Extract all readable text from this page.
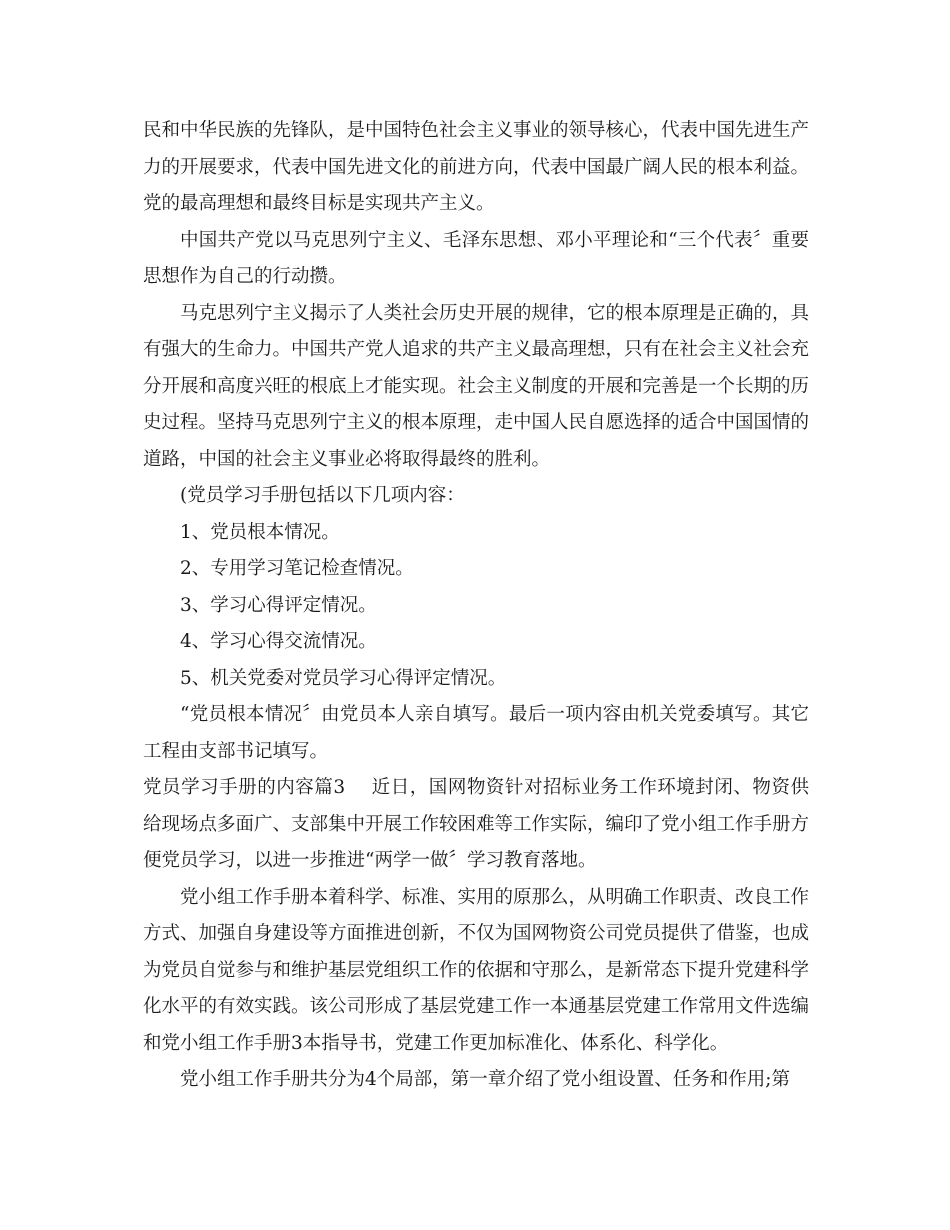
民和中华民族的先锋队，是中国特色社会主义事业的领导核心，代表中国先进生产力的开展要求，代表中国先进文化的前进方向，代表中国最广阔人民的根本利益。党的最高理想和最终目标是实现共产主义。

中国共产党以马克思列宁主义、毛泽东思想、邓小平理论和“三个代表〞重要思想作为自己的行动攒。

马克思列宁主义揭示了人类社会历史开展的规律，它的根本原理是正确的，具有强大的生命力。中国共产党人追求的共产主义最高理想，只有在社会主义社会充分开展和高度兴旺的根底上才能实现。社会主义制度的开展和完善是一个长期的历史过程。坚持马克思列宁主义的根本原理，走中国人民自愿选择的适合中国国情的道路，中国的社会主义事业必将取得最终的胜利。

(党员学习手册包括以下几项内容：

1、党员根本情况。

2、专用学习笔记检查情况。

3、学习心得评定情况。

4、学习心得交流情况。

5、机关党委对党员学习心得评定情况。

“党员根本情况〞由党员本人亲自填写。最后一项内容由机关党委填写。其它工程由支部书记填写。

党员学习手册的内容篇3 近日，国网物资针对招标业务工作环境封闭、物资供给现场点多面广、支部集中开展工作较困难等工作实际，编印了党小组工作手册方便党员学习，以进一步推进“两学一做〞学习教育落地。

党小组工作手册本着科学、标准、实用的原那么，从明确工作职责、改良工作方式、加强自身建设等方面推进创新，不仅为国网物资公司党员提供了借鉴，也成为党员自觉参与和维护基层党组织工作的依据和守那么，是新常态下提升党建科学化水平的有效实践。该公司形成了基层党建工作一本通基层党建工作常用文件选编和党小组工作手册3本指导书，党建工作更加标准化、体系化、科学化。

党小组工作手册共分为4个局部，第一章介绍了党小组设置、任务和作用;第
